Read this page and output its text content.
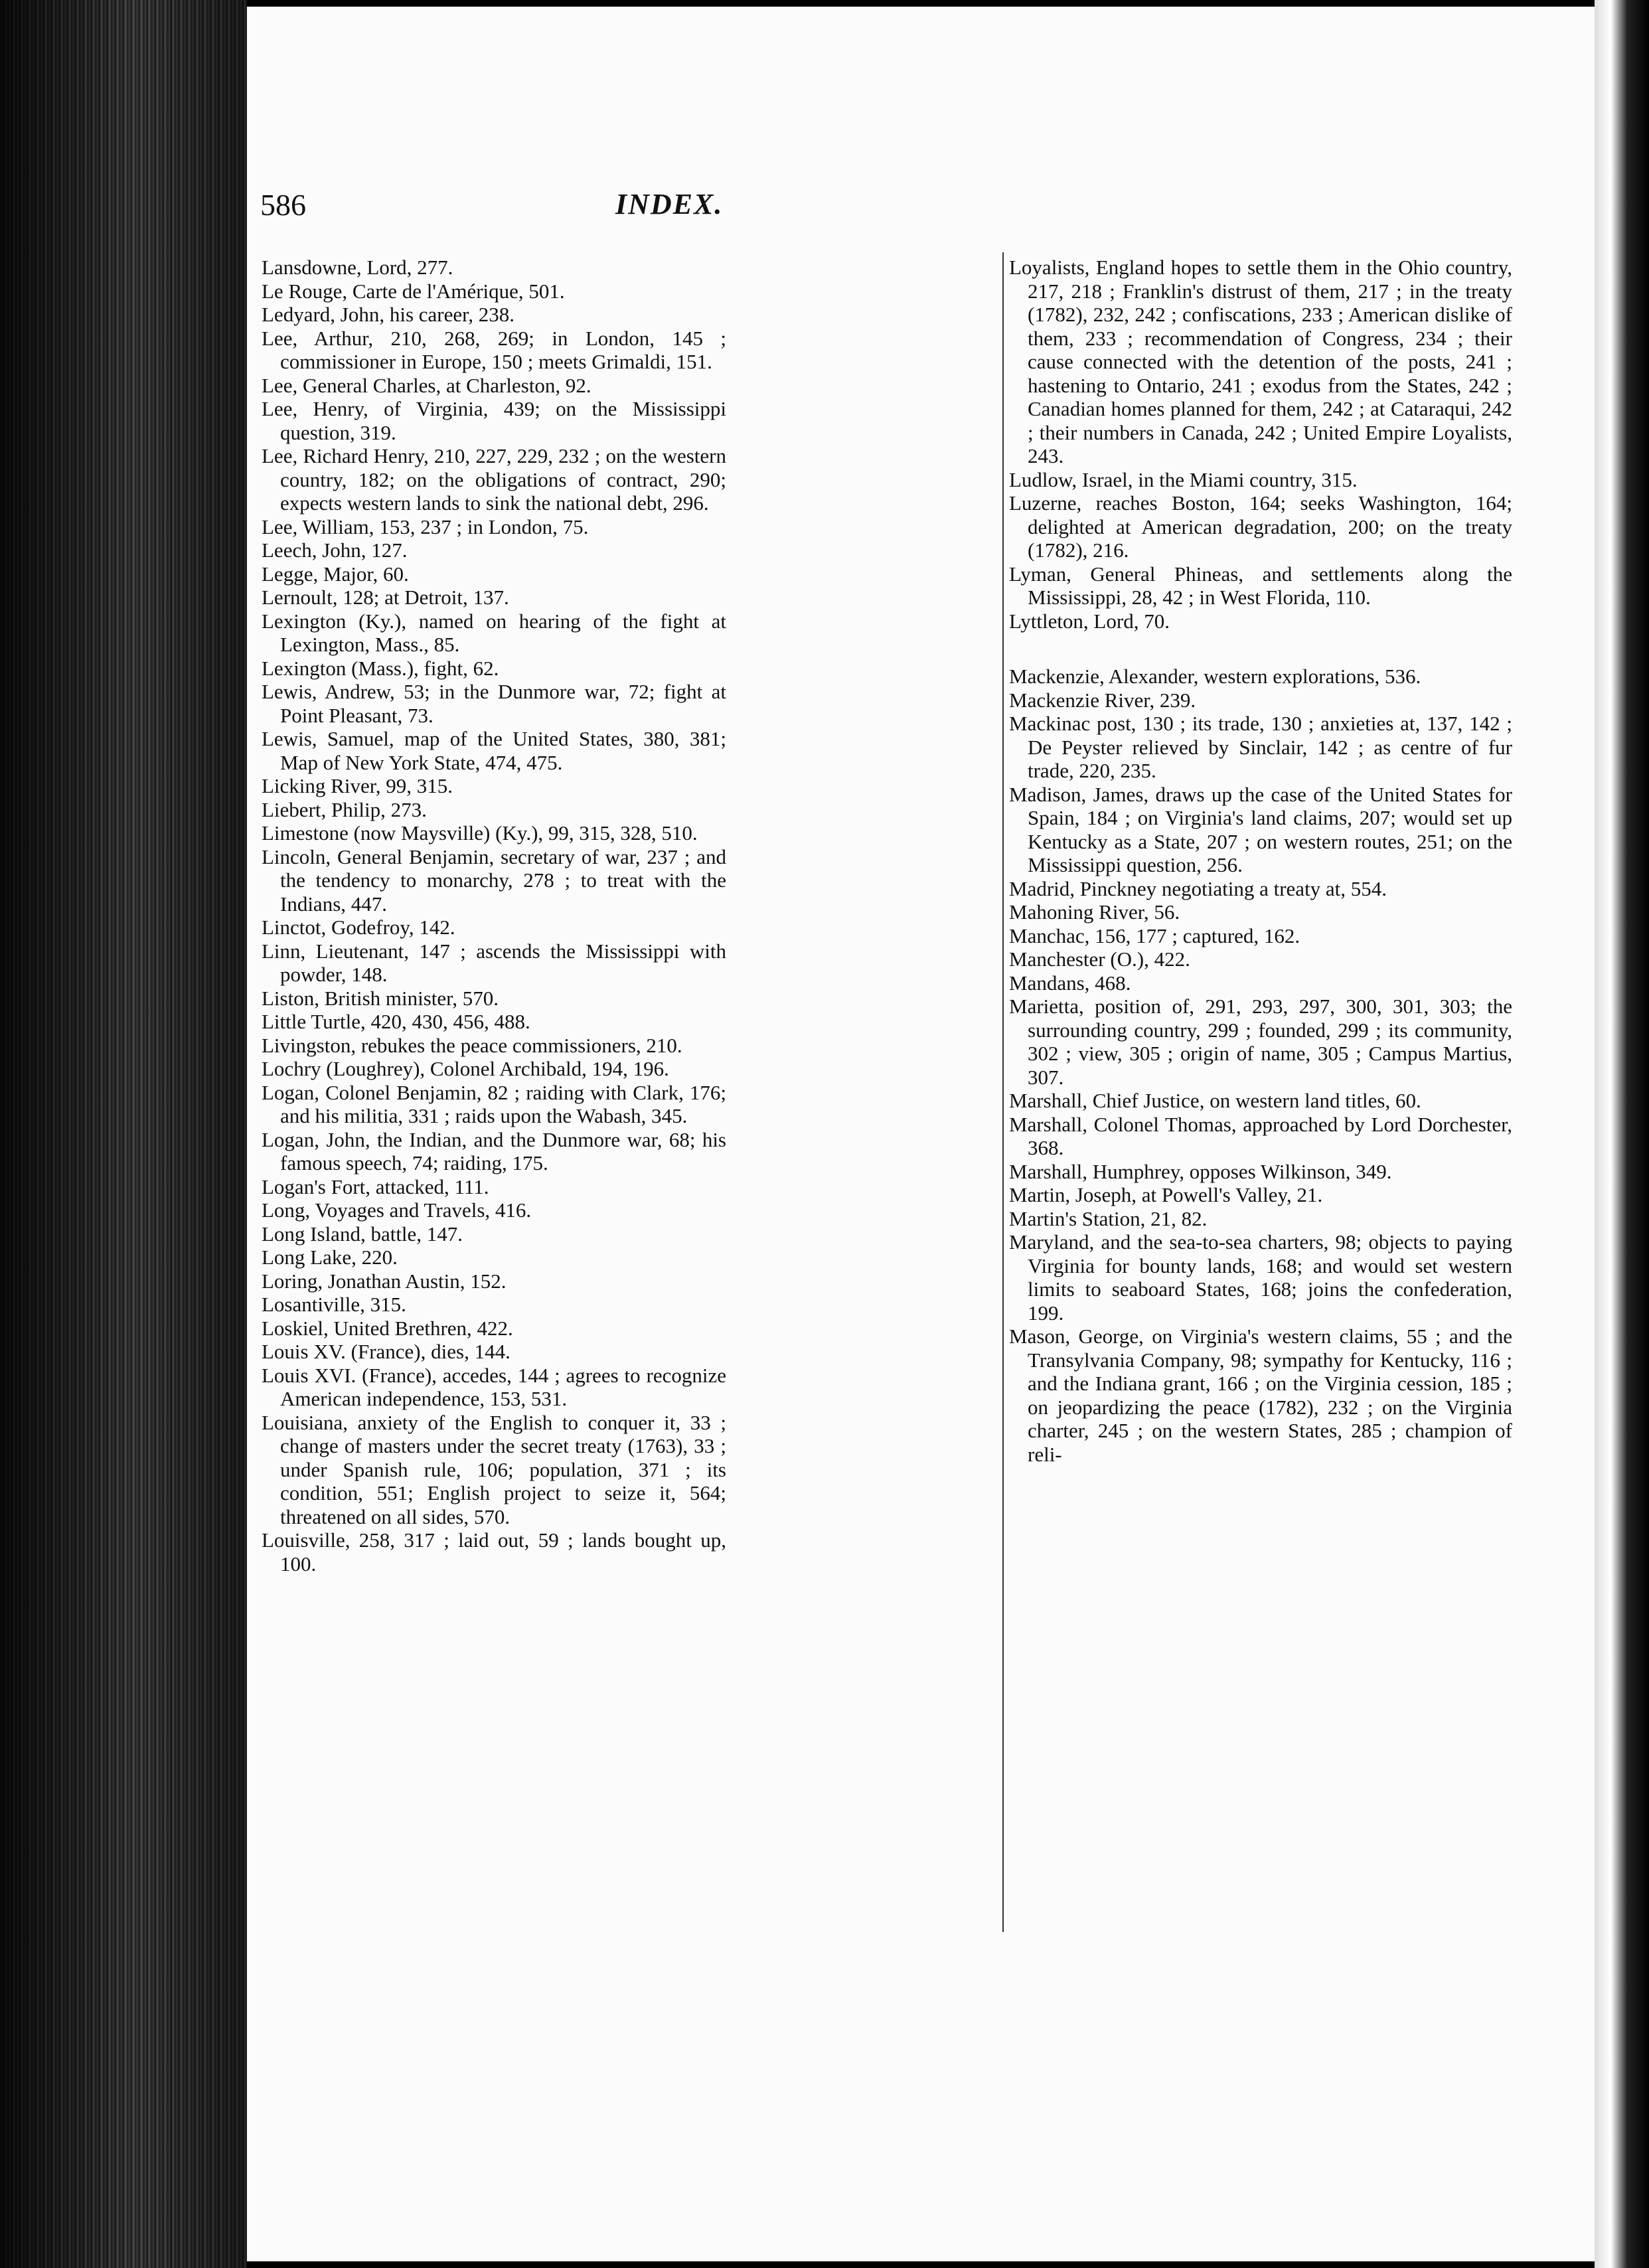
586	INDEX.

Lansdowne, Lord, 277.

Le Rouge, Carte de l'Amérique, 501.

Ledyard, John, his career, 238.

Lee, Arthur, 210, 268, 269; in London, 145 ; commissioner in Europe, 150 ; meets Grimaldi, 151.

Lee, General Charles, at Charleston, 92.

Lee, Henry, of Virginia, 439; on the Mississippi question, 319.

Lee, Richard Henry, 210, 227, 229, 232 ; on the western country, 182; on the obligations of contract, 290; expects western lands to sink the national debt, 296.

Lee, William, 153, 237 ; in London, 75.

Leech, John, 127.

Legge, Major, 60.

Lernoult, 128; at Detroit, 137.

Lexington (Ky.), named on hearing of the fight at Lexington, Mass., 85.

Lexington (Mass.), fight, 62.

Lewis, Andrew, 53; in the Dunmore war, 72; fight at Point Pleasant, 73.

Lewis, Samuel, map of the United States, 380, 381; Map of New York State, 474, 475.

Licking River, 99, 315.

Liebert, Philip, 273.

Limestone (now Maysville) (Ky.), 99, 315, 328, 510.

Lincoln, General Benjamin, secretary of war, 237 ; and the tendency to monarchy, 278 ; to treat with the Indians, 447.

Linctot, Godefroy, 142.

Linn, Lieutenant, 147 ; ascends the Mississippi with powder, 148.

Liston, British minister, 570.

Little Turtle, 420, 430, 456, 488.

Livingston, rebukes the peace commissioners, 210.

Lochry (Loughrey), Colonel Archibald, 194, 196.

Logan, Colonel Benjamin, 82 ; raiding with Clark, 176; and his militia, 331 ; raids upon the Wabash, 345.

Logan, John, the Indian, and the Dunmore war, 68; his famous speech, 74; raiding, 175.

Logan's Fort, attacked, 111.

Long, Voyages and Travels, 416.

Long Island, battle, 147.

Long Lake, 220.

Loring, Jonathan Austin, 152.

Losantiville, 315.

Loskiel, United Brethren, 422.

Louis XV. (France), dies, 144.

Louis XVI. (France), accedes, 144 ; agrees to recognize American independence, 153, 531.

Louisiana, anxiety of the English to conquer it, 33 ; change of masters under the secret treaty (1763), 33 ; under Spanish rule, 106; population, 371 ; its condition, 551; English project to seize it, 564; threatened on all sides, 570.

Louisville, 258, 317 ; laid out, 59 ; lands bought up, 100.

Loyalists, England hopes to settle them in the Ohio country, 217, 218 ; Franklin's distrust of them, 217 ; in the treaty (1782), 232, 242 ; confiscations, 233 ; American dislike of them, 233 ; recommendation of Congress, 234 ; their cause connected with the detention of the posts, 241 ; hastening to Ontario, 241 ; exodus from the States, 242 ; Canadian homes planned for them, 242 ; at Cataraqui, 242 ; their numbers in Canada, 242 ; United Empire Loyalists, 243.

Ludlow, Israel, in the Miami country, 315.

Luzerne, reaches Boston, 164; seeks Washington, 164; delighted at American degradation, 200; on the treaty (1782), 216.

Lyman, General Phineas, and settlements along the Mississippi, 28, 42 ; in West Florida, 110.

Lyttleton, Lord, 70.

Mackenzie, Alexander, western explorations, 536.

Mackenzie River, 239.

Mackinac post, 130 ; its trade, 130 ; anxieties at, 137, 142 ; De Peyster relieved by Sinclair, 142 ; as centre of fur trade, 220, 235.

Madison, James, draws up the case of the United States for Spain, 184 ; on Virginia's land claims, 207; would set up Kentucky as a State, 207 ; on western routes, 251; on the Mississippi question, 256.

Madrid, Pinckney negotiating a treaty at, 554.

Mahoning River, 56.

Manchac, 156, 177 ; captured, 162.

Manchester (O.), 422.

Mandans, 468.

Marietta, position of, 291, 293, 297, 300, 301, 303; the surrounding country, 299 ; founded, 299 ; its community, 302 ; view, 305 ; origin of name, 305 ; Campus Martius, 307.

Marshall, Chief Justice, on western land titles, 60.

Marshall, Colonel Thomas, approached by Lord Dorchester, 368.

Marshall, Humphrey, opposes Wilkinson, 349.

Martin, Joseph, at Powell's Valley, 21.

Martin's Station, 21, 82.

Maryland, and the sea-to-sea charters, 98; objects to paying Virginia for bounty lands, 168; and would set western limits to seaboard States, 168; joins the confederation, 199.

Mason, George, on Virginia's western claims, 55 ; and the Transylvania Company, 98; sympathy for Kentucky, 116 ; and the Indiana grant, 166 ; on the Virginia cession, 185 ; on jeopardizing the peace (1782), 232 ; on the Virginia charter, 245 ; on the western States, 285 ; champion of reli-
